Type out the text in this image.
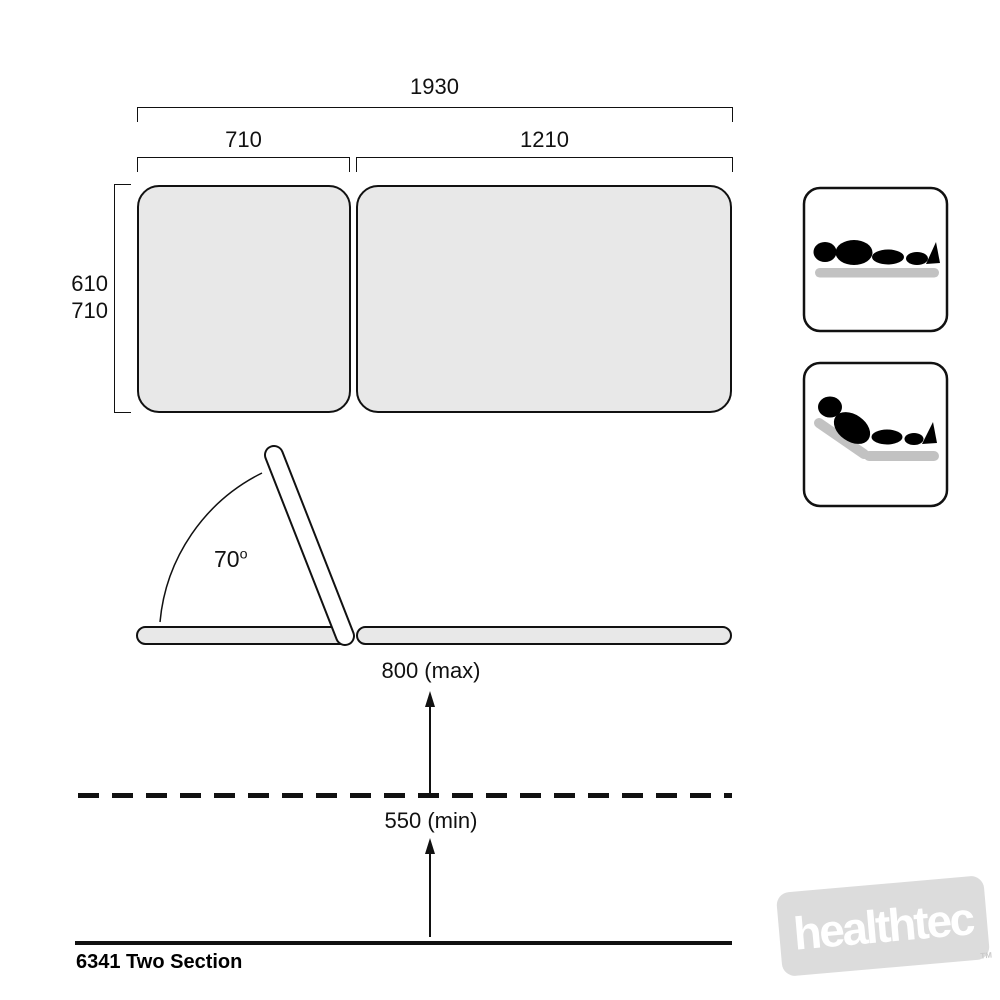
1930
710	1210
610
710
70$^o$
800 (max)
550 (min)
6341 Two Section
healthtec TM
